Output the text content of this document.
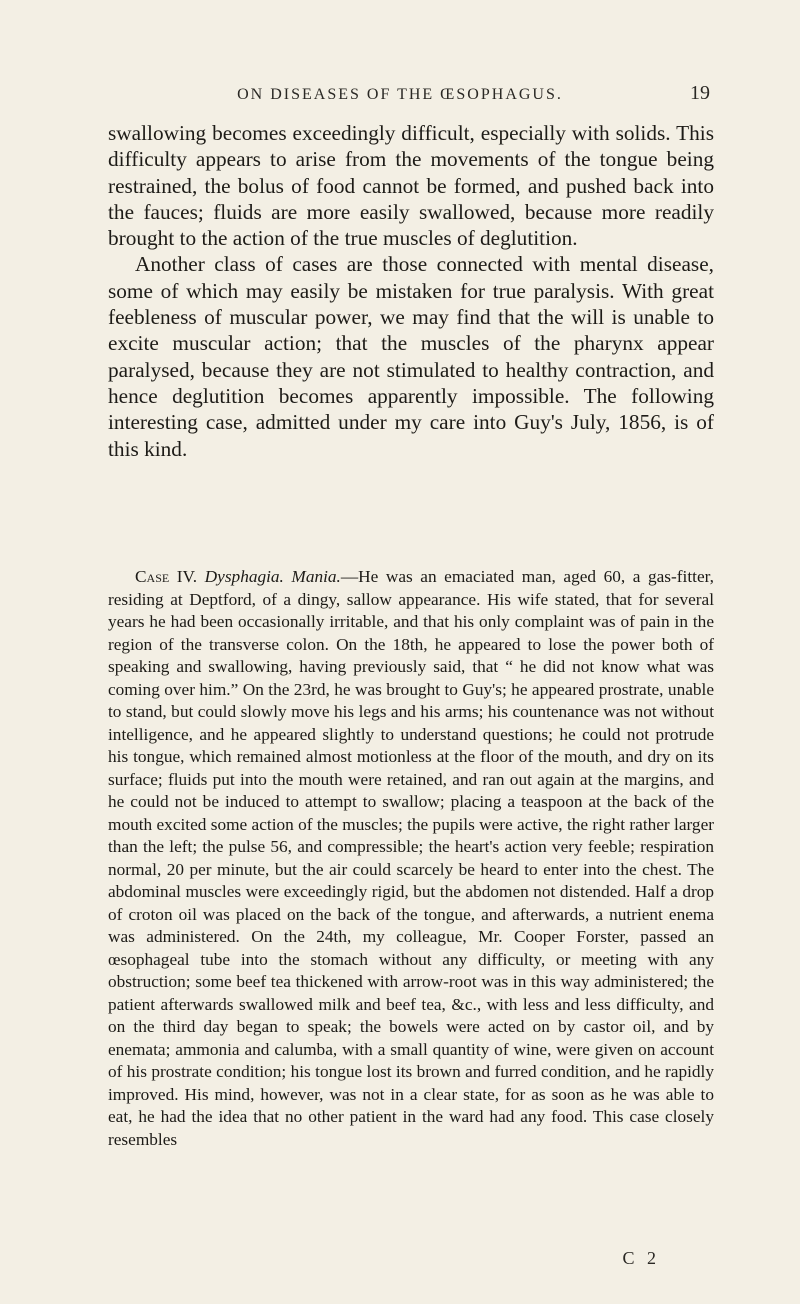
ON DISEASES OF THE ŒSOPHAGUS.	19

swallowing becomes exceedingly difficult, especially with solids. This difficulty appears to arise from the movements of the tongue being restrained, the bolus of food cannot be formed, and pushed back into the fauces; fluids are more easily swallowed, because more readily brought to the action of the true muscles of deglutition.

Another class of cases are those connected with mental disease, some of which may easily be mistaken for true paralysis. With great feebleness of muscular power, we may find that the will is unable to excite muscular action; that the muscles of the pharynx appear paralysed, because they are not stimulated to healthy contraction, and hence deglutition becomes apparently impossible. The following interesting case, admitted under my care into Guy's July, 1856, is of this kind.

Case IV. Dysphagia. Mania.—He was an emaciated man, aged 60, a gas-fitter, residing at Deptford, of a dingy, sallow appearance. His wife stated, that for several years he had been occasionally irritable, and that his only complaint was of pain in the region of the transverse colon. On the 18th, he appeared to lose the power both of speaking and swallowing, having previously said, that “ he did not know what was coming over him.” On the 23rd, he was brought to Guy's; he appeared prostrate, unable to stand, but could slowly move his legs and his arms; his countenance was not without intelligence, and he appeared slightly to understand questions; he could not protrude his tongue, which remained almost motionless at the floor of the mouth, and dry on its surface; fluids put into the mouth were retained, and ran out again at the margins, and he could not be induced to attempt to swallow; placing a teaspoon at the back of the mouth excited some action of the muscles; the pupils were active, the right rather larger than the left; the pulse 56, and compressible; the heart's action very feeble; respiration normal, 20 per minute, but the air could scarcely be heard to enter into the chest. The abdominal muscles were exceedingly rigid, but the abdomen not distended. Half a drop of croton oil was placed on the back of the tongue, and afterwards, a nutrient enema was administered. On the 24th, my colleague, Mr. Cooper Forster, passed an œsophageal tube into the stomach without any difficulty, or meeting with any obstruction; some beef tea thickened with arrow-root was in this way administered; the patient afterwards swallowed milk and beef tea, &c., with less and less difficulty, and on the third day began to speak; the bowels were acted on by castor oil, and by enemata; ammonia and calumba, with a small quantity of wine, were given on account of his prostrate condition; his tongue lost its brown and furred condition, and he rapidly improved. His mind, however, was not in a clear state, for as soon as he was able to eat, he had the idea that no other patient in the ward had any food. This case closely resembles

C 2
